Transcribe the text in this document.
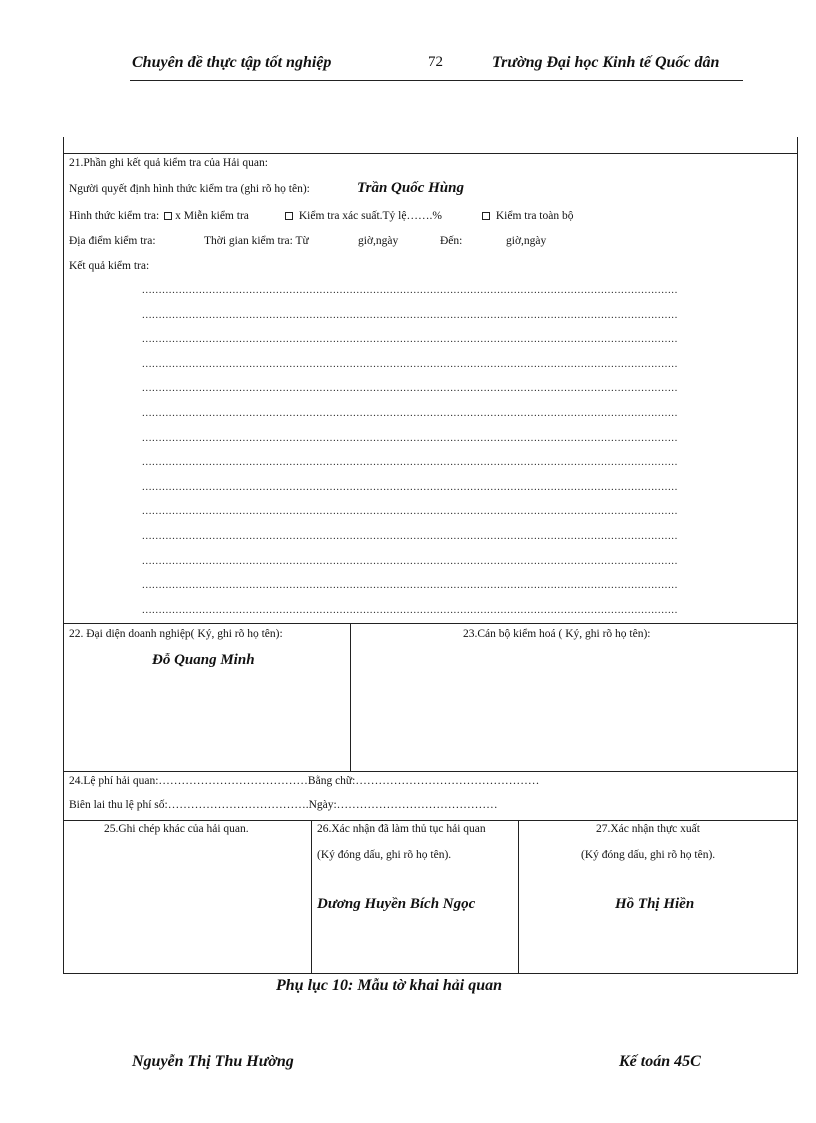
Chuyên đề thực tập tốt nghiệp	72	Trường Đại học Kinh tế Quốc dân
21.Phần ghi kết quả kiểm tra của Hải quan:
Người quyết định hình thức kiểm tra (ghi rõ họ tên):	Trần Quốc Hùng
Hình thức kiểm tra: x Miễn kiểm tra	Kiểm tra xác suất.Tỷ lệ…….%	Kiểm tra toàn bộ
Địa điểm kiểm tra:	Thời gian kiểm tra: Từ	giờ,ngày	Đến:	giờ,ngày
Kết quả kiểm tra:
................................................................................................................................................................
................................................................................................................................................................
................................................................................................................................................................
................................................................................................................................................................
................................................................................................................................................................
................................................................................................................................................................
................................................................................................................................................................
................................................................................................................................................................
................................................................................................................................................................
................................................................................................................................................................
................................................................................................................................................................
................................................................................................................................................................
................................................................................................................................................................
................................................................................................................................................................
22. Đại diện doanh nghiệp( Ký, ghi rõ họ tên):
Đỗ Quang Minh
23.Cán bộ kiểm hoá ( Ký, ghi rõ họ tên):
24.Lệ phí hải quan:…………………………………Bằng chữ:…………………………………………
Biên lai thu lệ phí số:……………………………….Ngày:……………………………………
25.Ghi chép khác của hải quan.	26.Xác nhận đã làm thủ tục hải quan
(Ký đóng dấu, ghi rõ họ tên).
Dương Huyền Bích Ngọc
27.Xác nhận thực xuất
(Ký đóng dấu, ghi rõ họ tên).
Hồ Thị Hiền
Phụ lục 10: Mẫu tờ khai hải quan
Nguyễn Thị Thu Hường	Kế toán 45C
